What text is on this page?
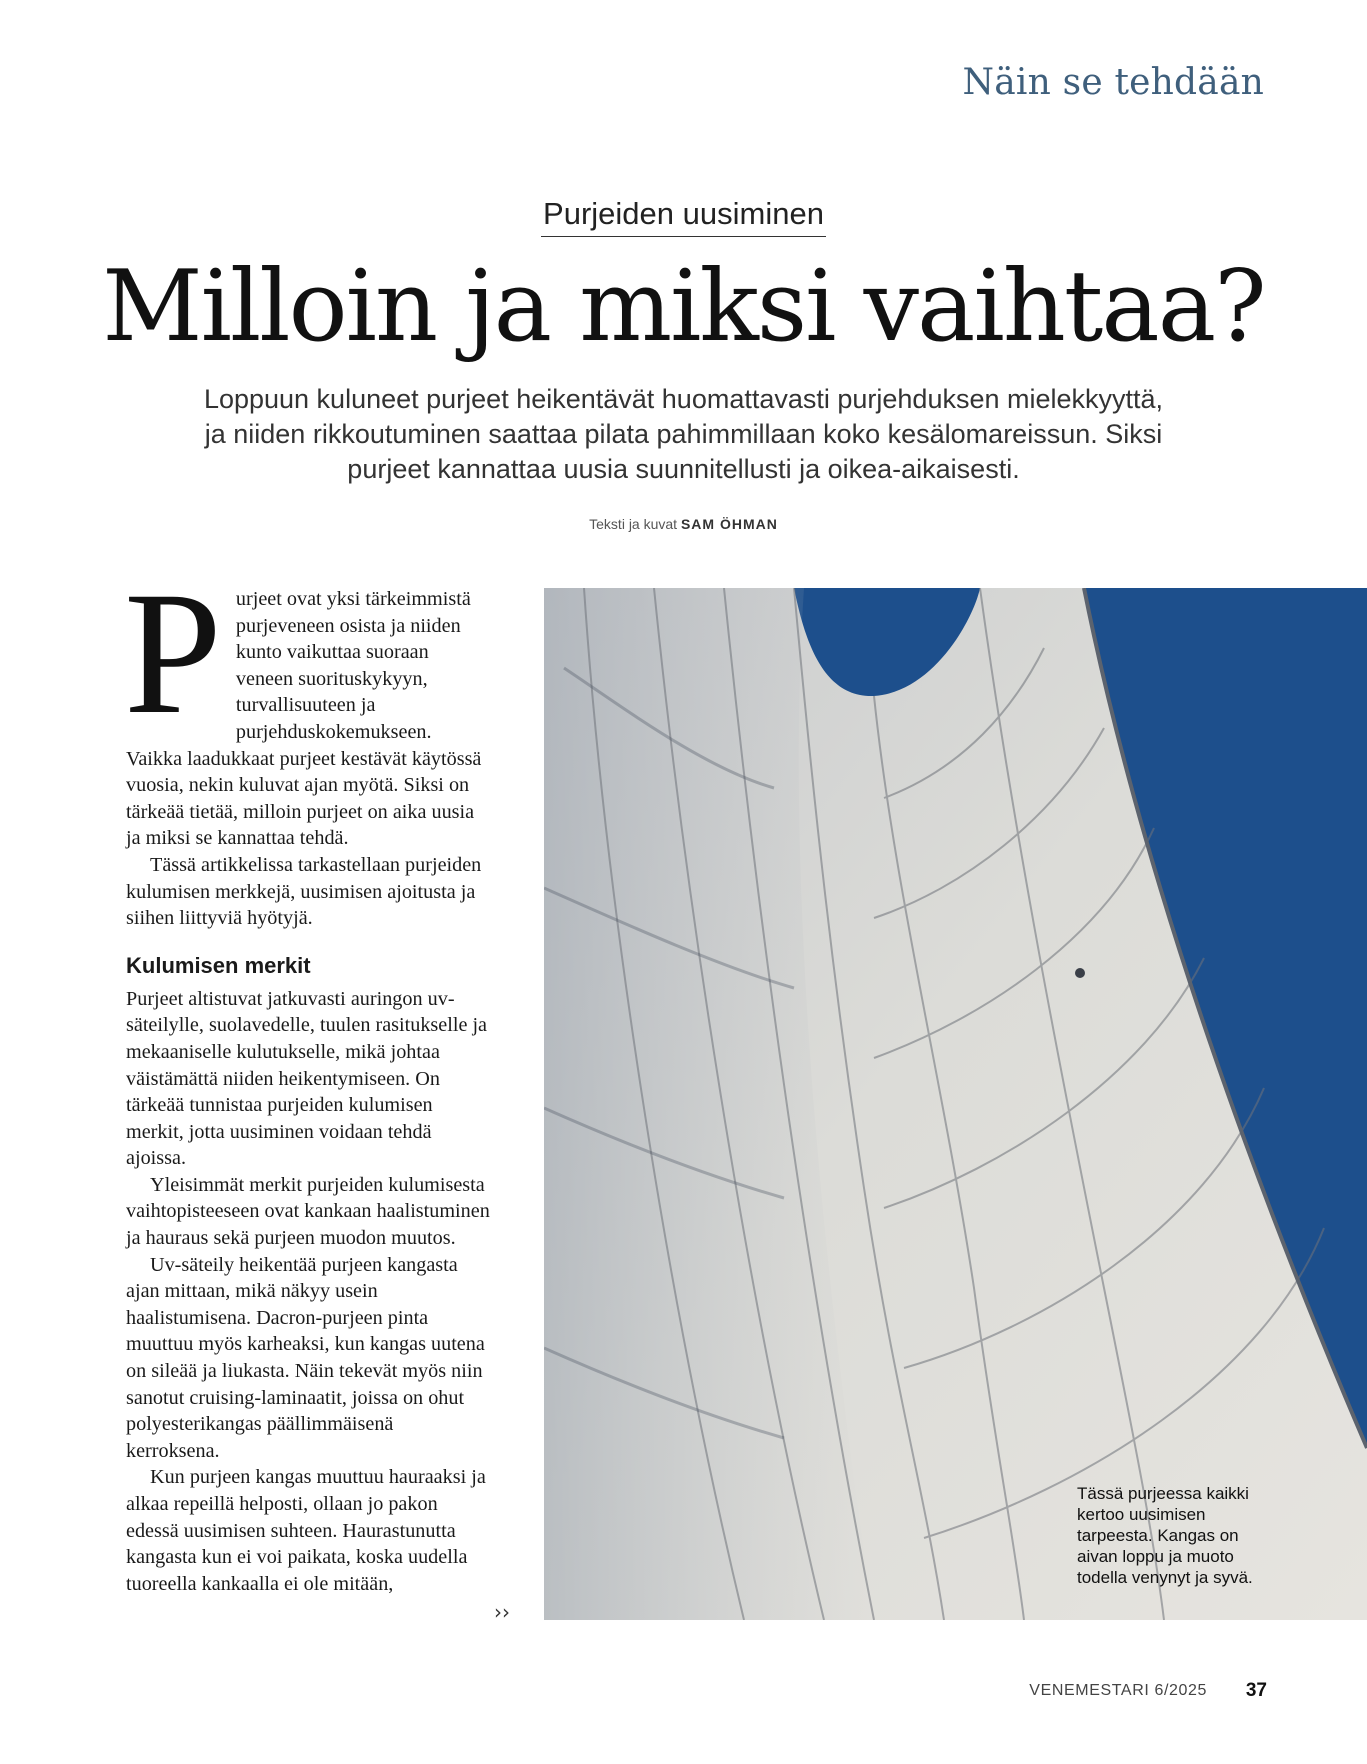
Näin se tehdään
Purjeiden uusiminen
Milloin ja miksi vaihtaa?

Loppuun kuluneet purjeet heikentävät huomattavasti purjehduksen mielekkyyttä, ja niiden rikkoutuminen saattaa pilata pahimmillaan koko kesälomareissun. Siksi purjeet kannattaa uusia suunnitellusti ja oikea-aikaisesti.

Teksti ja kuvat SAM ÖHMAN
P urjeet ovat yksi tärkeimmistä purjeveneen osista ja niiden kunto vaikuttaa suoraan veneen suorituskykyyn, turvallisuuteen ja purjehduskokemukseen. Vaikka laadukkaat purjeet kestävät käytössä vuosia, nekin kuluvat ajan myötä. Siksi on tärkeää tietää, milloin purjeet on aika uusia ja miksi se kannattaa tehdä.

Tässä artikkelissa tarkastellaan purjeiden kulumisen merkkejä, uusimisen ajoitusta ja siihen liittyviä hyötyjä.

Kulumisen merkit

Purjeet altistuvat jatkuvasti auringon uv-säteilylle, suolavedelle, tuulen rasitukselle ja mekaaniselle kulutukselle, mikä johtaa väistämättä niiden heikentymiseen. On tärkeää tunnistaa purjeiden kulumisen merkit, jotta uusiminen voidaan tehdä ajoissa.

Yleisimmät merkit purjeiden kulumisesta vaihtopisteeseen ovat kankaan haalistuminen ja hauraus sekä purjeen muodon muutos.

Uv-säteily heikentää purjeen kangasta ajan mittaan, mikä näkyy usein haalistumisena. Dacron-purjeen pinta muuttuu myös karheaksi, kun kangas uutena on sileää ja liukasta. Näin tekevät myös niin sanotut cruising-laminaatit, joissa on ohut polyesterikangas päällimmäisenä kerroksena.

Kun purjeen kangas muuttuu hauraaksi ja alkaa repeillä helposti, ollaan jo pakon edessä uusimisen suhteen. Haurastunutta kangasta kun ei voi paikata, koska uudella tuoreella kankaalla ei ole mitään,

››
Tässä purjeessa kaikki kertoo uusimisen tarpeesta. Kangas on aivan loppu ja muoto todella venynyt ja syvä.
VENEMESTARI 6/2025 37
